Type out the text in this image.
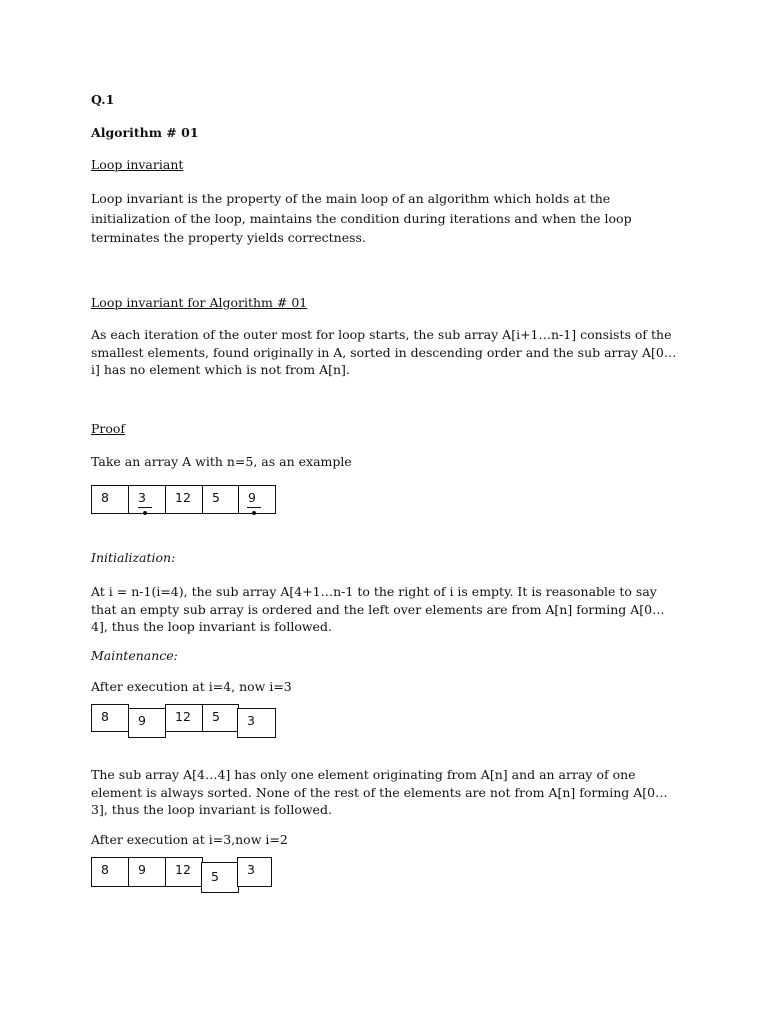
Q.1

Algorithm # 01

Loop invariant

Loop invariant is the property of the main loop of an algorithm which holds at the initialization of the loop, maintains the condition during iterations and when the loop terminates the property yields correctness.

Loop invariant for Algorithm # 01

As each iteration of the outer most for loop starts, the sub array A[i+1…n-1] consists of the smallest elements, found originally in A, sorted in descending order and the sub array A[0…i] has no element which is not from A[n].

Proof

Take an array A with n=5, as an example

8	3	12	5	9

Initialization:

At i = n-1(i=4), the sub array A[4+1…n-1 to the right of i is empty. It is reasonable to say that an empty sub array is ordered and the left over elements are from A[n] forming A[0…4], thus the loop invariant is followed.

Maintenance:

After execution at i=4, now i=3

8	9	12	5	3

The sub array A[4…4] has only one element originating from A[n] and an array of one element is always sorted. None of the rest of the elements are not from A[n] forming A[0…3], thus the loop invariant is followed.

After execution at i=3,now i=2

8	9	12	5	3
